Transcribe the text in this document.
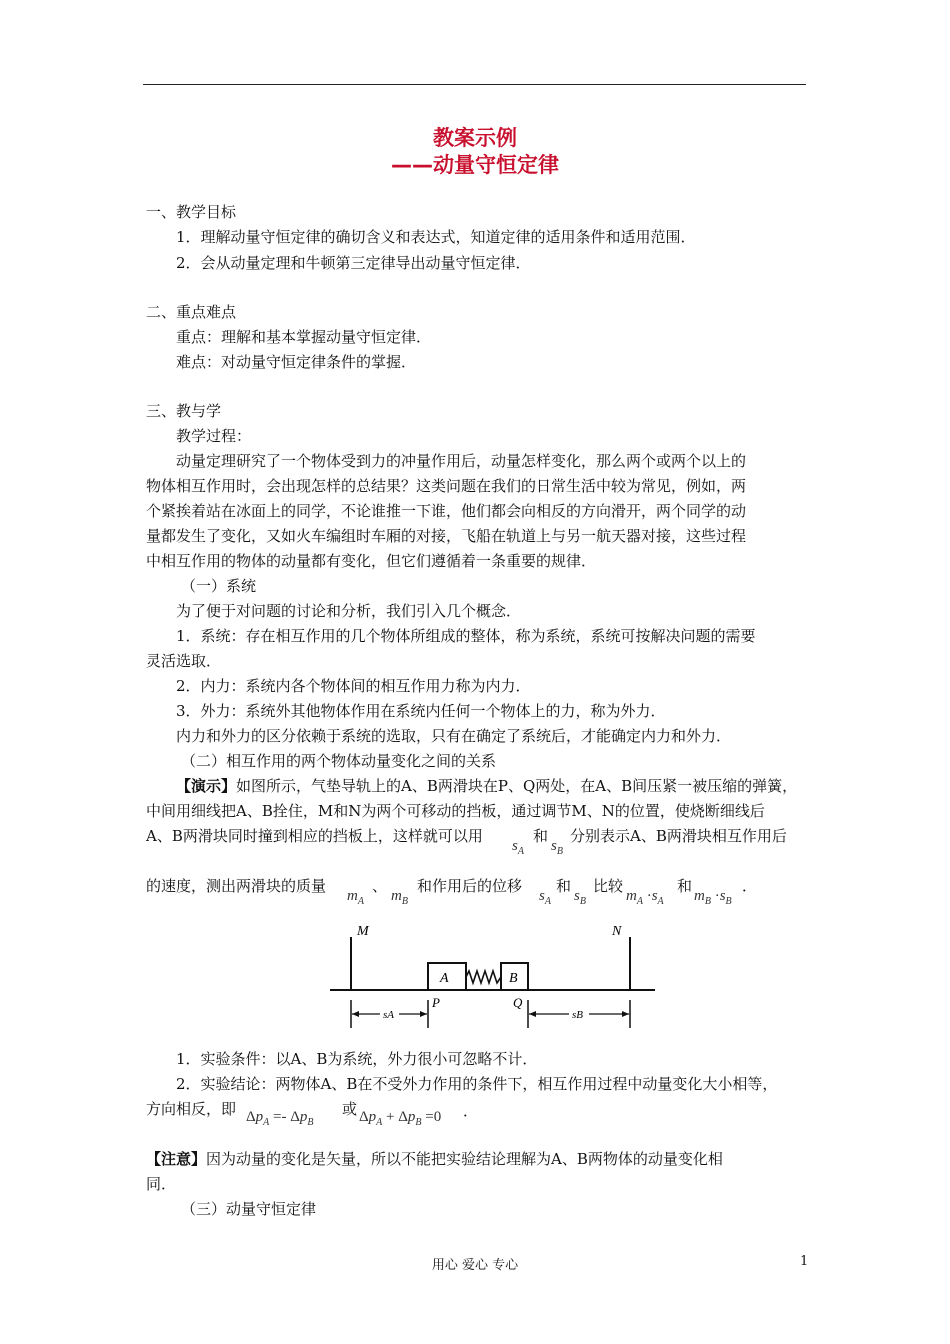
教案示例
——动量守恒定律
一、教学目标
1．理解动量守恒定律的确切含义和表达式，知道定律的适用条件和适用范围．
2．会从动量定理和牛顿第三定律导出动量守恒定律．
二、重点难点
重点：理解和基本掌握动量守恒定律．
难点：对动量守恒定律条件的掌握．
三、教与学
教学过程：
动量定理研究了一个物体受到力的冲量作用后，动量怎样变化，那么两个或两个以上的
物体相互作用时，会出现怎样的总结果？这类问题在我们的日常生活中较为常见，例如，两
个紧挨着站在冰面上的同学，不论谁推一下谁，他们都会向相反的方向滑开，两个同学的动
量都发生了变化，又如火车编组时车厢的对接，飞船在轨道上与另一航天器对接，这些过程
中相互作用的物体的动量都有变化，但它们遵循着一条重要的规律．
（一）系统
为了便于对问题的讨论和分析，我们引入几个概念．
1．系统：存在相互作用的几个物体所组成的整体，称为系统，系统可按解决问题的需要
灵活选取．
2．内力：系统内各个物体间的相互作用力称为内力．
3．外力：系统外其他物体作用在系统内任何一个物体上的力，称为外力．
内力和外力的区分依赖于系统的选取，只有在确定了系统后，才能确定内力和外力．
（二）相互作用的两个物体动量变化之间的关系
【演示】如图所示，气垫导轨上的A、B两滑块在P、Q两处，在A、B间压紧一被压缩的弹簧，
中间用细线把A、B拴住，M和N为两个可移动的挡板，通过调节M、N的位置，使烧断细线后
A、B两滑块同时撞到相应的挡板上，这样就可以用
$s_A$
和
$s_B$
分别表示A、B两滑块相互作用后
的速度，测出两滑块的质量
$m_A$
、
$m_B$
和作用后的位移
$s_A$
和
$s_B$
比较
$m_A \cdot s_A$
和
$m_B \cdot s_B$
．
M	N
A	B
P	Q
sA	sB
1．实验条件：以A、B为系统，外力很小可忽略不计．
2．实验结论：两物体A、B在不受外力作用的条件下，相互作用过程中动量变化大小相等，
方向相反，即 $\Delta p_A =- \Delta p_B$
或 $\Delta p_A + \Delta p_B =0$ ．
【注意】因为动量的变化是矢量，所以不能把实验结论理解为A、B两物体的动量变化相
同．
（三）动量守恒定律
用心 爱心 专心	1
